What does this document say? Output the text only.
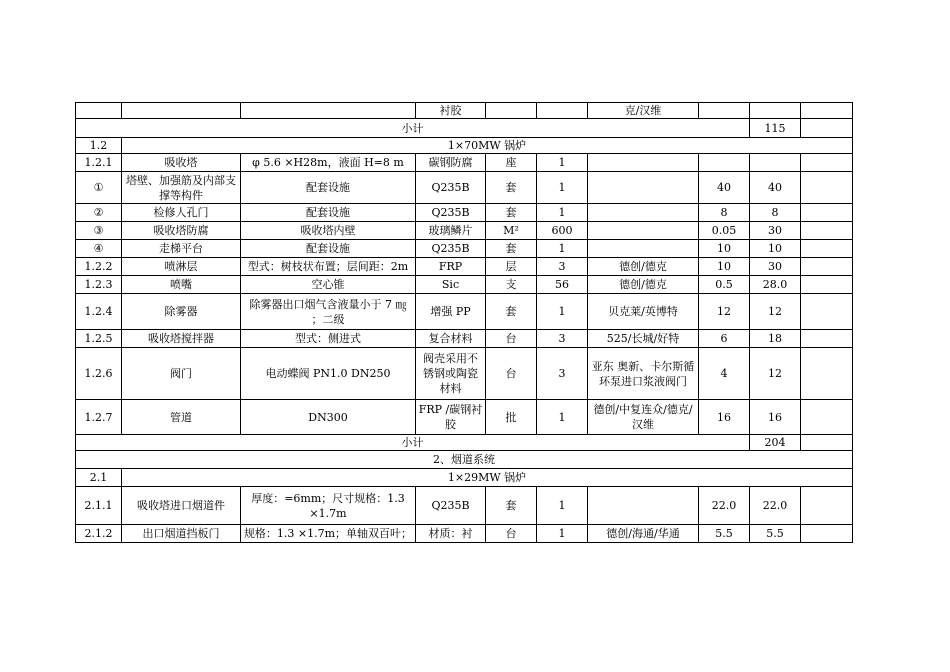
			衬胶			克/汉维			
小计								115	
1.2	1×70MW 锅炉								
1.2.1	吸收塔	φ 5.6 ×H28m，液面 H=8 m	碳钢防腐	座	1				
①	塔壁、加强筋及内部支撑等构件	配套设施	Q235B	套	1		40	40	
②	检修人孔门	配套设施	Q235B	套	1		8	8	
③	吸收塔防腐	吸收塔内壁	玻璃鳞片	M²	600		0.05	30	
④	走梯平台	配套设施	Q235B	套	1		10	10	
1.2.2	喷淋层	型式：树枝状布置；层间距：2m	FRP	层	3	德创/德克	10	30	
1.2.3	喷嘴	空心锥	Sic	支	56	德创/德克	0.5	28.0	
1.2.4	除雾器	除雾器出口烟气含液量小于 7 ㎎ ；二级	增强 PP	套	1	贝克莱/英博特	12	12	
1.2.5	吸收塔搅拌器	型式：侧进式	复合材料	台	3	525/长城/好特	6	18	
1.2.6	阀门	电动蝶阀 PN1.0 DN250	阀壳采用不锈钢或陶瓷材料	台	3	亚东 奥新、卡尔斯循环泵进口浆液阀门	4	12	
1.2.7	管道	DN300	FRP /碳钢衬胶	批	1	德创/中复连众/德克/汉维	16	16	
小计								204	
2、烟道系统									
2.1	1×29MW 锅炉								
2.1.1	吸收塔进口烟道件	厚度：=6mm；尺寸规格：1.3 ×1.7m	Q235B	套	1		22.0	22.0	
2.1.2	出口烟道挡板门	规格：1.3 ×1.7m；单轴双百叶；	材质：衬	台	1	德创/海通/华通	5.5	5.5	
